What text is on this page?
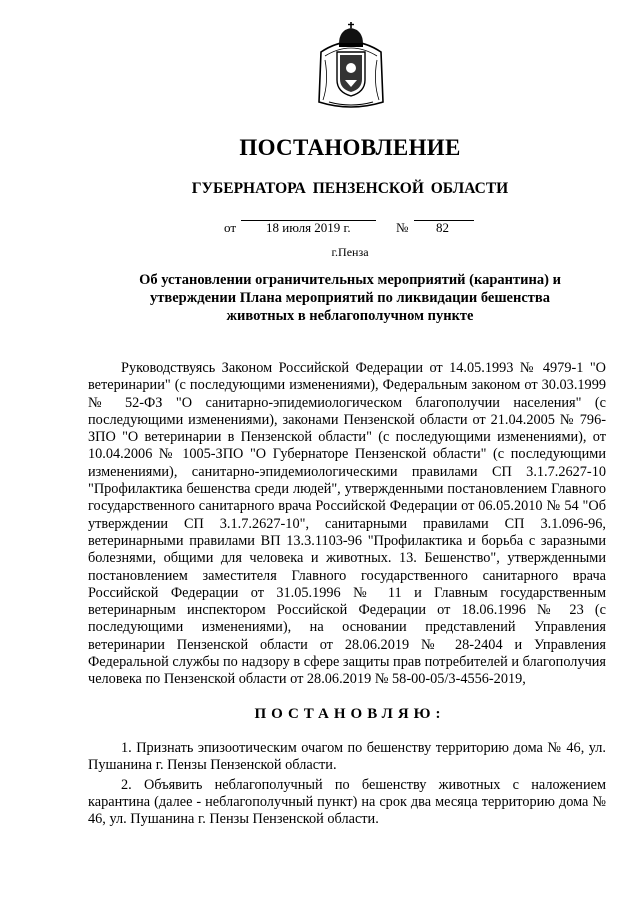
ПОСТАНОВЛЕНИЕ
ГУБЕРНАТОРА ПЕНЗЕНСКОЙ ОБЛАСТИ
от 18 июля 2019 г.	№ 82
г.Пенза
Об установлении ограничительных мероприятий (карантина) и
утверждении Плана мероприятий по ликвидации бешенства
животных в неблагополучном пункте

Руководствуясь Законом Российской Федерации от 14.05.1993 № 4979-1 "О ветеринарии" (с последующими изменениями), Федеральным законом от 30.03.1999 № 52-ФЗ "О санитарно-эпидемиологическом благополучии населения" (с последующими изменениями), законами Пензенской области от 21.04.2005 № 796-ЗПО "О ветеринарии в Пензенской области" (с последующими изменениями), от 10.04.2006 № 1005-ЗПО "О Губернаторе Пензенской области" (с последующими изменениями), санитарно-эпидемиологическими правилами СП 3.1.7.2627-10 "Профилактика бешенства среди людей", утвержденными постановлением Главного государственного санитарного врача Российской Федерации от 06.05.2010 № 54 "Об утверждении СП 3.1.7.2627-10", санитарными правилами СП 3.1.096-96, ветеринарными правилами ВП 13.3.1103-96 "Профилактика и борьба с заразными болезнями, общими для человека и животных. 13. Бешенство", утвержденными постановлением заместителя Главного государственного санитарного врача Российской Федерации от 31.05.1996 № 11 и Главным государственным ветеринарным инспектором Российской Федерации от 18.06.1996 № 23 (с последующими изменениями), на основании представлений Управления ветеринарии Пензенской области от 28.06.2019 № 28-2404 и Управления Федеральной службы по надзору в сфере защиты прав потребителей и благополучия человека по Пензенской области от 28.06.2019 № 58-00-05/3-4556-2019,

ПОСТАНОВЛЯЮ:

1. Признать эпизоотическим очагом по бешенству территорию дома № 46, ул. Пушанина г. Пензы Пензенской области.

2. Объявить неблагополучный по бешенству животных с наложением карантина (далее - неблагополучный пункт) на срок два месяца территорию дома № 46, ул. Пушанина г. Пензы Пензенской области.
